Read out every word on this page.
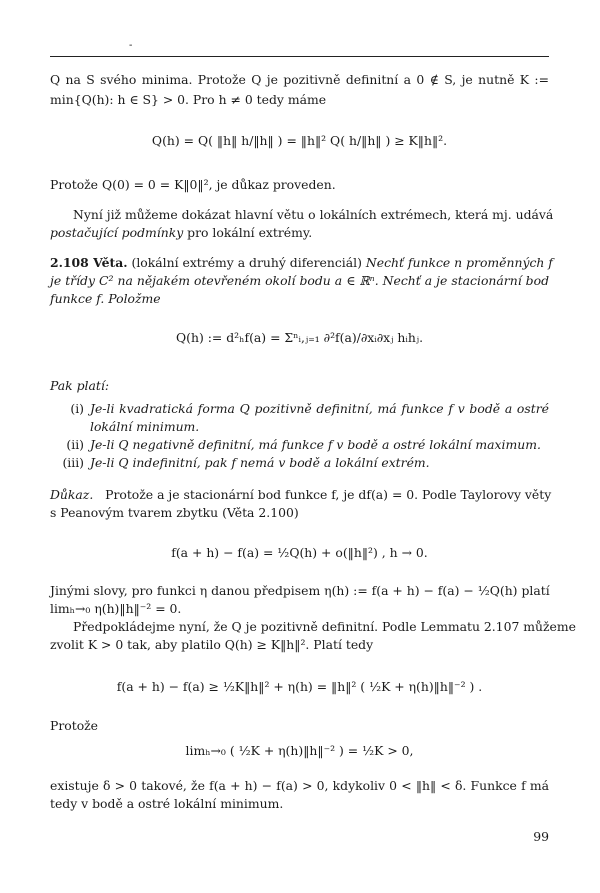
-
Q na S svého minima. Protože Q je pozitivně definitní a 0 ∉ S, je nutně K :=
min{Q(h): h ∈ S} > 0. Pro h ≠ 0 tedy máme
Q(h) = Q( ‖h‖ h/‖h‖ ) = ‖h‖² Q( h/‖h‖ ) ≥ K‖h‖².
Protože Q(0) = 0 = K‖0‖², je důkaz proveden.
Nyní již můžeme dokázat hlavní větu o lokálních extrémech, která mj. udává
postačující podmínky pro lokální extrémy.
2.108 Věta. (lokální extrémy a druhý diferenciál) Nechť funkce n proměnných f
je třídy C² na nějakém otevřeném okolí bodu a ∈ ℝⁿ. Nechť a je stacionární bod
funkce f. Položme
Q(h) := d²ₕf(a) = Σⁿᵢ,ⱼ₌₁ ∂²f(a)/∂xᵢ∂xⱼ hᵢhⱼ.
Pak platí:
(i) Je-li kvadratická forma Q pozitivně definitní, má funkce f v bodě a ostré
lokální minimum.
(ii) Je-li Q negativně definitní, má funkce f v bodě a ostré lokální maximum.
(iii) Je-li Q indefinitní, pak f nemá v bodě a lokální extrém.
Důkaz. Protože a je stacionární bod funkce f, je df(a) = 0. Podle Taylorovy věty
s Peanovým tvarem zbytku (Věta 2.100)
f(a + h) − f(a) = ½Q(h) + o(‖h‖²) , h → 0.
Jinými slovy, pro funkci η danou předpisem η(h) := f(a + h) − f(a) − ½Q(h) platí
limₕ→₀ η(h)‖h‖⁻² = 0.
Předpokládejme nyní, že Q je pozitivně definitní. Podle Lemmatu 2.107 můžeme
zvolit K > 0 tak, aby platilo Q(h) ≥ K‖h‖². Platí tedy
f(a + h) − f(a) ≥ ½K‖h‖² + η(h) = ‖h‖² ( ½K + η(h)‖h‖⁻² ) .
Protože
limₕ→₀ ( ½K + η(h)‖h‖⁻² ) = ½K > 0,
existuje δ > 0 takové, že f(a + h) − f(a) > 0, kdykoliv 0 < ‖h‖ < δ. Funkce f má
tedy v bodě a ostré lokální minimum.
99
